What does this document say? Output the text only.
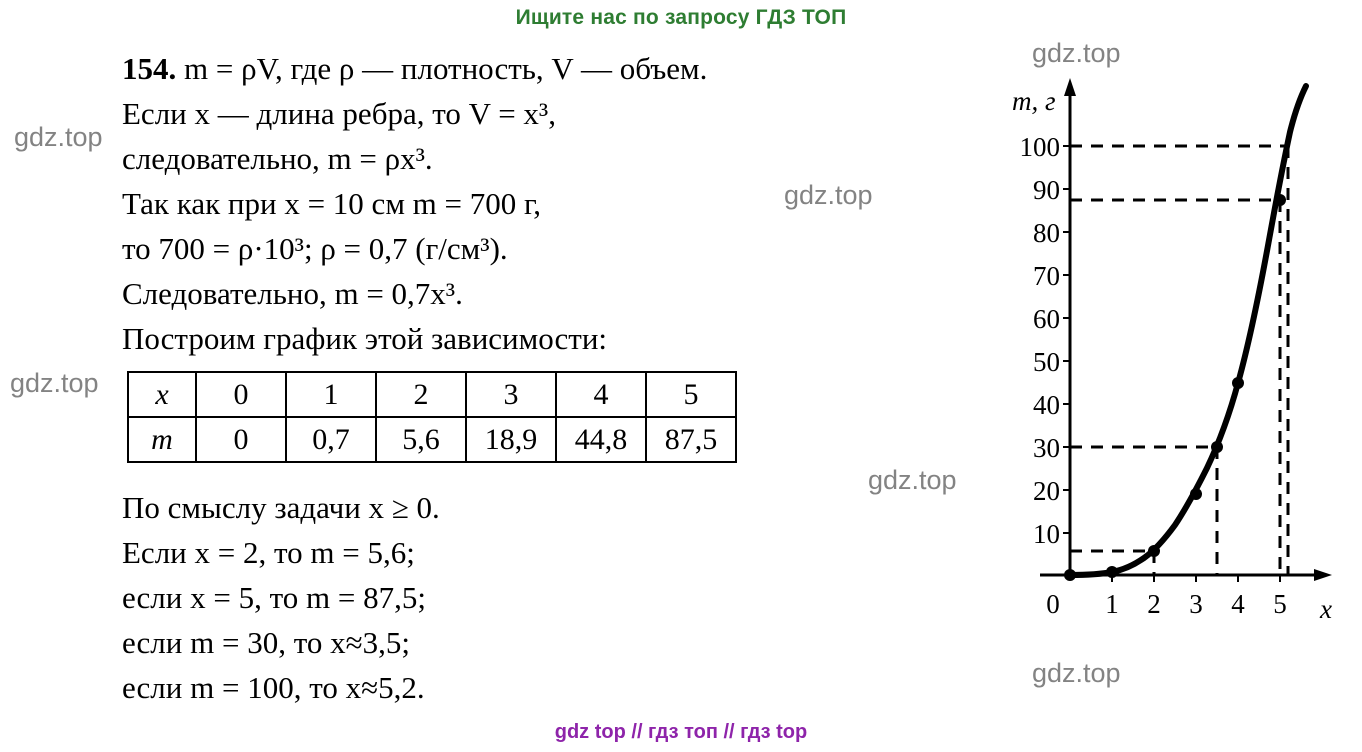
Ищите нас по запросу ГДЗ ТОП
gdz.top
gdz.top
gdz.top
gdz.top
gdz.top
gdz.top
154. m = ρV, где ρ — плотность, V — объем.
Если x — длина ребра, то V = x³,
следовательно, m = ρx³.
Так как при x = 10 см m = 700 г,
то 700 = ρ·10³; ρ = 0,7 (г/см³).
Следовательно, m = 0,7x³.
Построим график этой зависимости:
x	0	1	2	3	4	5
m	0	0,7	5,6	18,9	44,8	87,5
По смыслу задачи x ≥ 0.
Если x = 2, то m = 5,6;
если x = 5, то m = 87,5;
если m = 30, то x≈3,5;
если m = 100, то x≈5,2.
10
20
30
40
50
60
70
80
90
100
0 1 2 3 4 5
m, г
x
gdz top // гдз топ // гдз top
